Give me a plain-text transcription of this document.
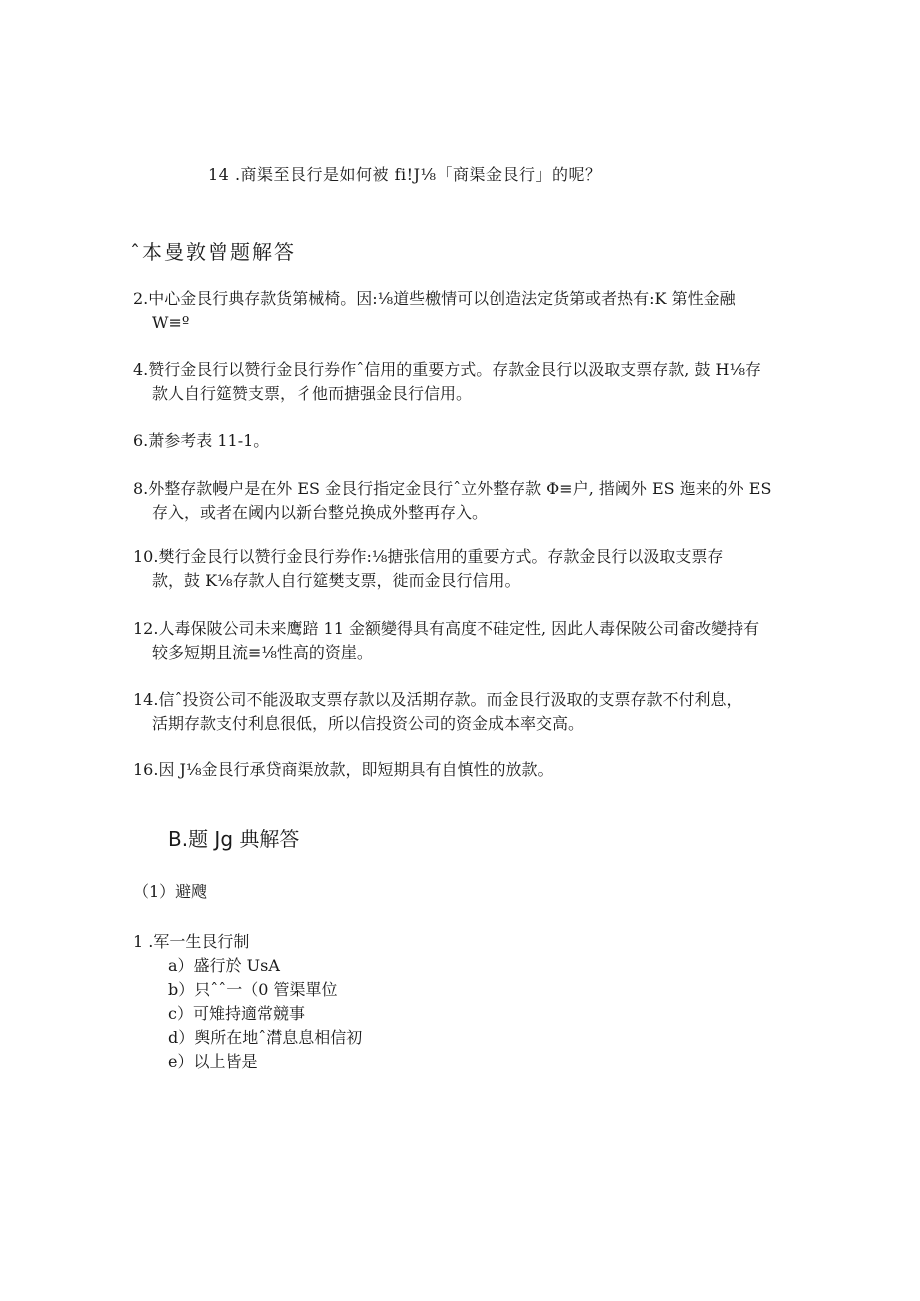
14 .商渠至艮行是如何被 fi!J⅛「商渠金艮行」的呢？
ˆ本曼敦曾题解答
2.中心金艮行典存款货第械椅。因:⅛道些檄情可以创造法定货第或者热有:K 第性金融
W≡º
4.赞行金艮行以赞行金艮行券作ˆ信用的重要方式。存款金艮行以汲取支票存款, 鼓 H⅛存
款人自行筵赞支票，彳他而搪强金艮行信用。
6.萧参考表 11-1。
8.外整存款幔户是在外 ES 金艮行指定金艮行ˆ立外整存款 Φ≡户, 揩阈外 ES 迤来的外 ES
存入，或者在阈内以新台整兑换成外整再存入。
10.樊行金艮行以赞行金艮行券作:⅛搪张信用的重要方式。存款金艮行以汲取支票存
款，鼓 K⅛存款人自行筵樊支票，徙而金艮行信用。
12.人毒保陂公司未来鹰踣 11 金额變得具有高度不硅定性, 因此人毒保陂公司畲改變持有
较多短期且流≡⅛性高的资崖。
14.信ˆ投资公司不能汲取支票存款以及活期存款。而金艮行汲取的支票存款不付利息，
活期存款支付利息很低，所以信投资公司的资金成本率交高。
16.因 J⅛金艮行承贷商渠放款，即短期具有自慎性的放款。
B.题 Jg 典解答
（1）避飕
1 .军一生艮行制
a）盛行於 UsA
b）只ˆˆ一（0 管渠單位
c）可雉持適常競事
d）舆所在地ˆ潸息息相信初
e）以上皆是
